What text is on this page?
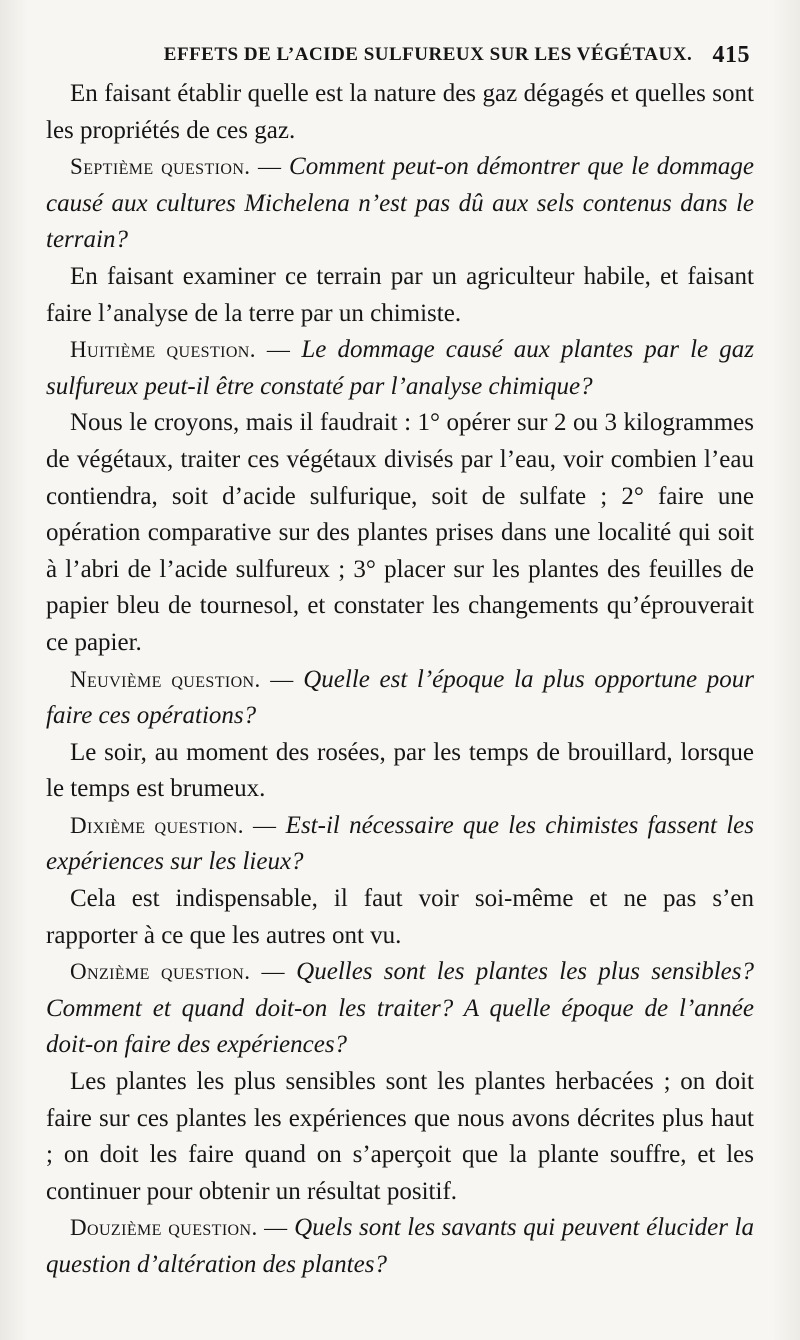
EFFETS DE L’ACIDE SULFUREUX SUR LES VÉGÉTAUX. 415

En faisant établir quelle est la nature des gaz dégagés et quelles sont les propriétés de ces gaz.

Septième question. — Comment peut-on démontrer que le dommage causé aux cultures Michelena n’est pas dû aux sels contenus dans le terrain?

En faisant examiner ce terrain par un agriculteur habile, et faisant faire l’analyse de la terre par un chimiste.

Huitième question. — Le dommage causé aux plantes par le gaz sulfureux peut-il être constaté par l’analyse chimique?

Nous le croyons, mais il faudrait : 1° opérer sur 2 ou 3 kilogrammes de végétaux, traiter ces végétaux divisés par l’eau, voir combien l’eau contiendra, soit d’acide sulfurique, soit de sulfate ; 2° faire une opération comparative sur des plantes prises dans une localité qui soit à l’abri de l’acide sulfureux ; 3° placer sur les plantes des feuilles de papier bleu de tournesol, et constater les changements qu’éprouverait ce papier.

Neuvième question. — Quelle est l’époque la plus opportune pour faire ces opérations?

Le soir, au moment des rosées, par les temps de brouillard, lorsque le temps est brumeux.

Dixième question. — Est-il nécessaire que les chimistes fassent les expériences sur les lieux?

Cela est indispensable, il faut voir soi-même et ne pas s’en rapporter à ce que les autres ont vu.

Onzième question. — Quelles sont les plantes les plus sensibles? Comment et quand doit-on les traiter? A quelle époque de l’année doit-on faire des expériences?

Les plantes les plus sensibles sont les plantes herbacées ; on doit faire sur ces plantes les expériences que nous avons décrites plus haut ; on doit les faire quand on s’aperçoit que la plante souffre, et les continuer pour obtenir un résultat positif.

Douzième question. — Quels sont les savants qui peuvent élucider la question d’altération des plantes?
